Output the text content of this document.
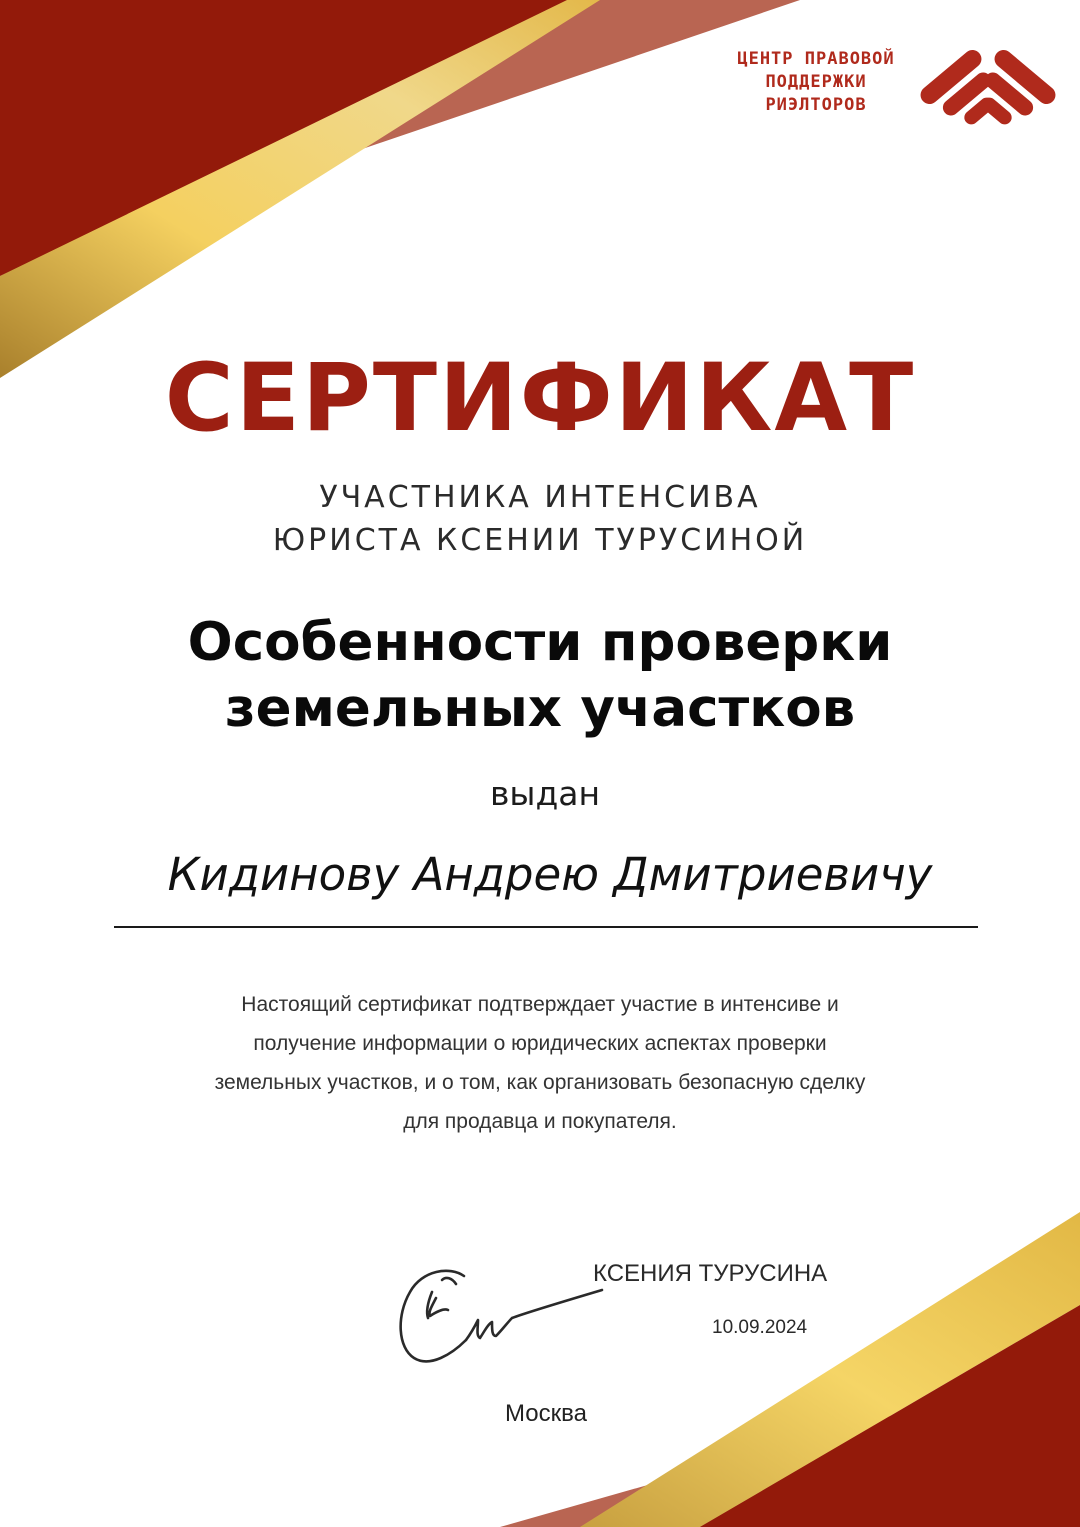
ЦЕНТР ПРАВОВОЙ
ПОДДЕРЖКИ
РИЭЛТОРОВ
СЕРТИФИКАТ
УЧАСТНИКА ИНТЕНСИВА
ЮРИСТА КСЕНИИ ТУРУСИНОЙ
Особенности проверки
земельных участков
выдан
Кидинову Андрею Дмитриевичу
Настоящий сертификат подтверждает участие в интенсиве и
получение информации о юридических аспектах проверки
земельных участков, и о том, как организовать безопасную сделку
для продавца и покупателя.
КСЕНИЯ ТУРУСИНА
10.09.2024
Москва
